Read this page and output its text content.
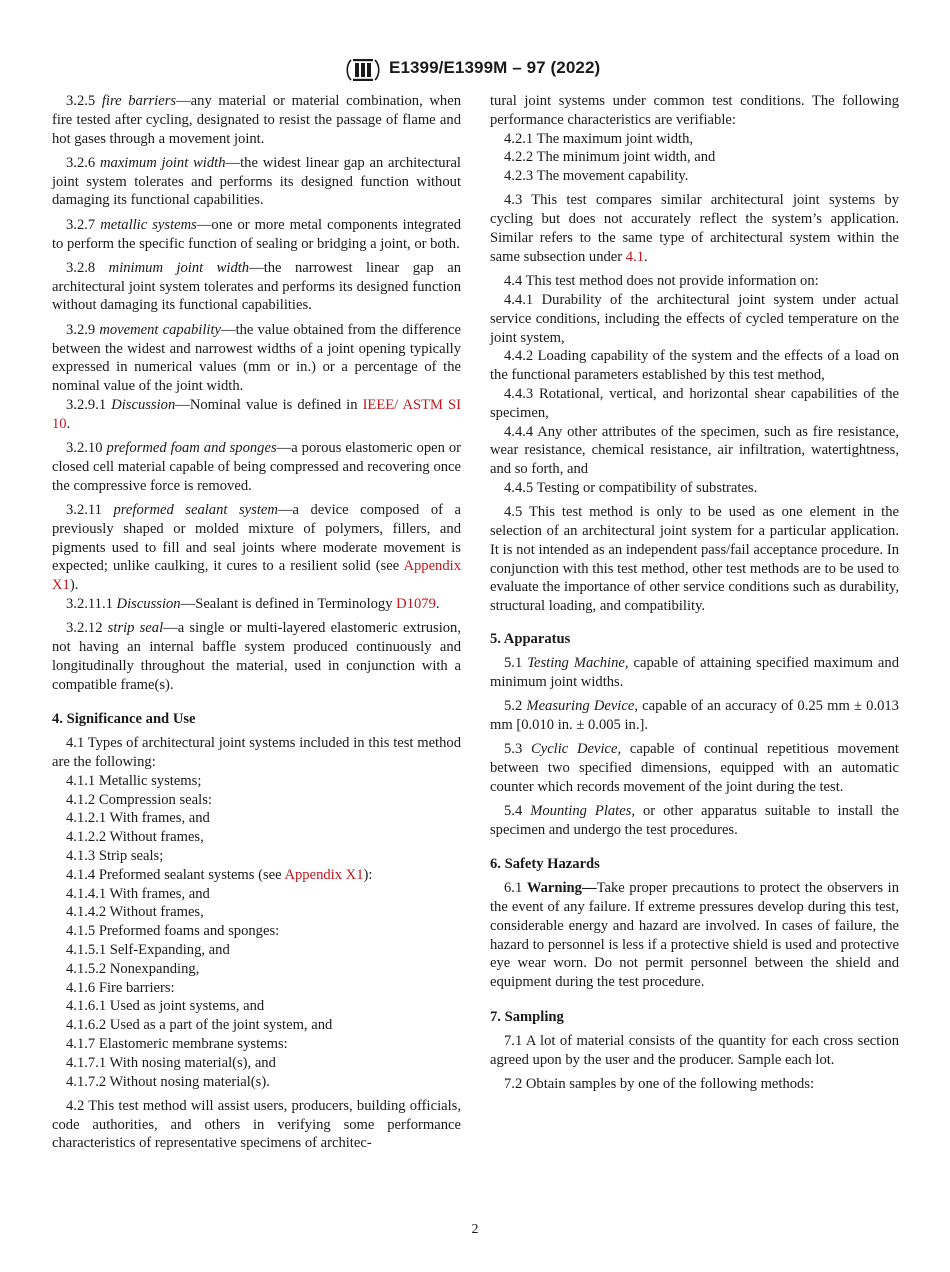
E1399/E1399M – 97 (2022)

3.2.5 fire barriers—any material or material combination, when fire tested after cycling, designated to resist the passage of flame and hot gases through a movement joint.

3.2.6 maximum joint width—the widest linear gap an architectural joint system tolerates and performs its designed function without damaging its functional capabilities.

3.2.7 metallic systems—one or more metal components integrated to perform the specific function of sealing or bridging a joint, or both.

3.2.8 minimum joint width—the narrowest linear gap an architectural joint system tolerates and performs its designed function without damaging its functional capabilities.

3.2.9 movement capability—the value obtained from the difference between the widest and narrowest widths of a joint opening typically expressed in numerical values (mm or in.) or a percentage of the nominal value of the joint width.

3.2.9.1 Discussion—Nominal value is defined in IEEE/ ASTM SI 10.

3.2.10 preformed foam and sponges—a porous elastomeric open or closed cell material capable of being compressed and recovering once the compressive force is removed.

3.2.11 preformed sealant system—a device composed of a previously shaped or molded mixture of polymers, fillers, and pigments used to fill and seal joints where moderate movement is expected; unlike caulking, it cures to a resilient solid (see Appendix X1).

3.2.11.1 Discussion—Sealant is defined in Terminology D1079.

3.2.12 strip seal—a single or multi-layered elastomeric extrusion, not having an internal baffle system produced continuously and longitudinally throughout the material, used in conjunction with a compatible frame(s).

4. Significance and Use

4.1 Types of architectural joint systems included in this test method are the following:

4.1.1 Metallic systems;
4.1.2 Compression seals:
4.1.2.1 With frames, and
4.1.2.2 Without frames,
4.1.3 Strip seals;
4.1.4 Preformed sealant systems (see Appendix X1):
4.1.4.1 With frames, and
4.1.4.2 Without frames,
4.1.5 Preformed foams and sponges:
4.1.5.1 Self-Expanding, and
4.1.5.2 Nonexpanding,
4.1.6 Fire barriers:
4.1.6.1 Used as joint systems, and
4.1.6.2 Used as a part of the joint system, and
4.1.7 Elastomeric membrane systems:
4.1.7.1 With nosing material(s), and
4.1.7.2 Without nosing material(s).

4.2 This test method will assist users, producers, building officials, code authorities, and others in verifying some performance characteristics of representative specimens of architec-

tural joint systems under common test conditions. The following performance characteristics are verifiable:

4.2.1 The maximum joint width,
4.2.2 The minimum joint width, and
4.2.3 The movement capability.

4.3 This test compares similar architectural joint systems by cycling but does not accurately reflect the system’s application. Similar refers to the same type of architectural system within the same subsection under 4.1.

4.4 This test method does not provide information on:

4.4.1 Durability of the architectural joint system under actual service conditions, including the effects of cycled temperature on the joint system,

4.4.2 Loading capability of the system and the effects of a load on the functional parameters established by this test method,

4.4.3 Rotational, vertical, and horizontal shear capabilities of the specimen,

4.4.4 Any other attributes of the specimen, such as fire resistance, wear resistance, chemical resistance, air infiltration, watertightness, and so forth, and

4.4.5 Testing or compatibility of substrates.

4.5 This test method is only to be used as one element in the selection of an architectural joint system for a particular application. It is not intended as an independent pass/fail acceptance procedure. In conjunction with this test method, other test methods are to be used to evaluate the importance of other service conditions such as durability, structural loading, and compatibility.

5. Apparatus

5.1 Testing Machine, capable of attaining specified maximum and minimum joint widths.

5.2 Measuring Device, capable of an accuracy of 0.25 mm ± 0.013 mm [0.010 in. ± 0.005 in.].

5.3 Cyclic Device, capable of continual repetitious movement between two specified dimensions, equipped with an automatic counter which records movement of the joint during the test.

5.4 Mounting Plates, or other apparatus suitable to install the specimen and undergo the test procedures.

6. Safety Hazards

6.1 Warning—Take proper precautions to protect the observers in the event of any failure. If extreme pressures develop during this test, considerable energy and hazard are involved. In cases of failure, the hazard to personnel is less if a protective shield is used and protective eye wear worn. Do not permit personnel between the shield and equipment during the test procedure.

7. Sampling

7.1 A lot of material consists of the quantity for each cross section agreed upon by the user and the producer. Sample each lot.

7.2 Obtain samples by one of the following methods:

2
